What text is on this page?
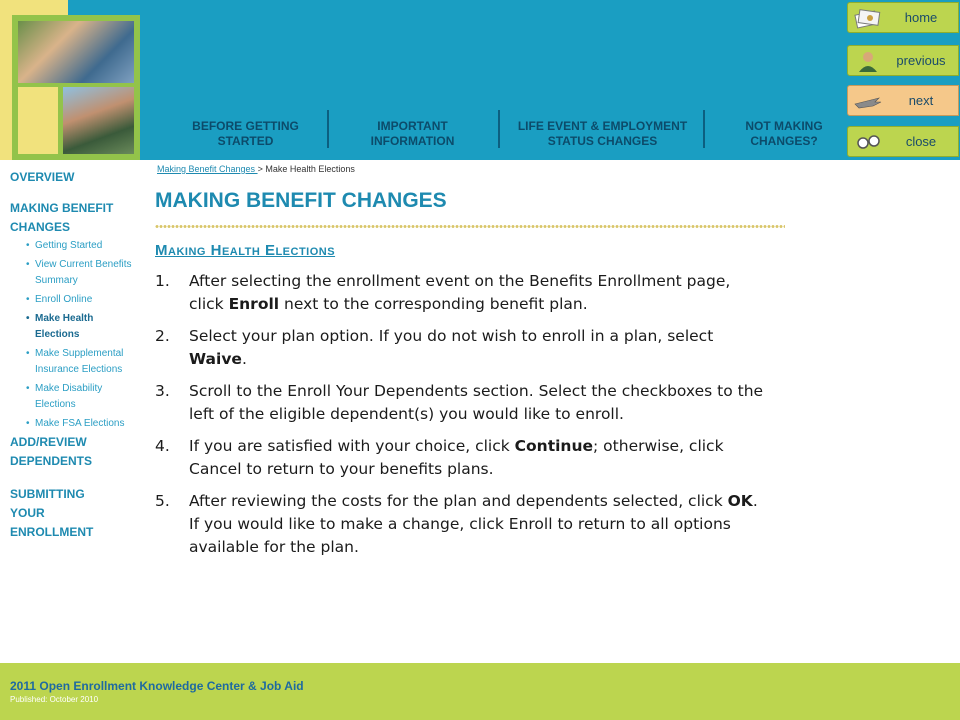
BEFORE GETTING STARTED
IMPORTANT INFORMATION
LIFE EVENT & EMPLOYMENT STATUS CHANGES
NOT MAKING CHANGES?
home
previous
next
close
OVERVIEW
MAKING BENEFIT CHANGES
• Getting Started
• View Current Benefits Summary
• Enroll Online
• Make Health Elections
• Make Supplemental Insurance Elections
• Make Disability Elections
• Make FSA Elections
ADD/REVIEW DEPENDENTS
SUBMITTING YOUR ENROLLMENT
Making Benefit Changes > Make Health Elections
MAKING BENEFIT CHANGES
Making Health Elections
1. After selecting the enrollment event on the Benefits Enrollment page, click Enroll next to the corresponding benefit plan.
2. Select your plan option. If you do not wish to enroll in a plan, select Waive.
3. Scroll to the Enroll Your Dependents section. Select the checkboxes to the left of the eligible dependent(s) you would like to enroll.
4. If you are satisfied with your choice, click Continue; otherwise, click Cancel to return to your benefits plans.
5. After reviewing the costs for the plan and dependents selected, click OK. If you would like to make a change, click Enroll to return to all options available for the plan.
2011 Open Enrollment Knowledge Center & Job Aid
Published: October 2010
